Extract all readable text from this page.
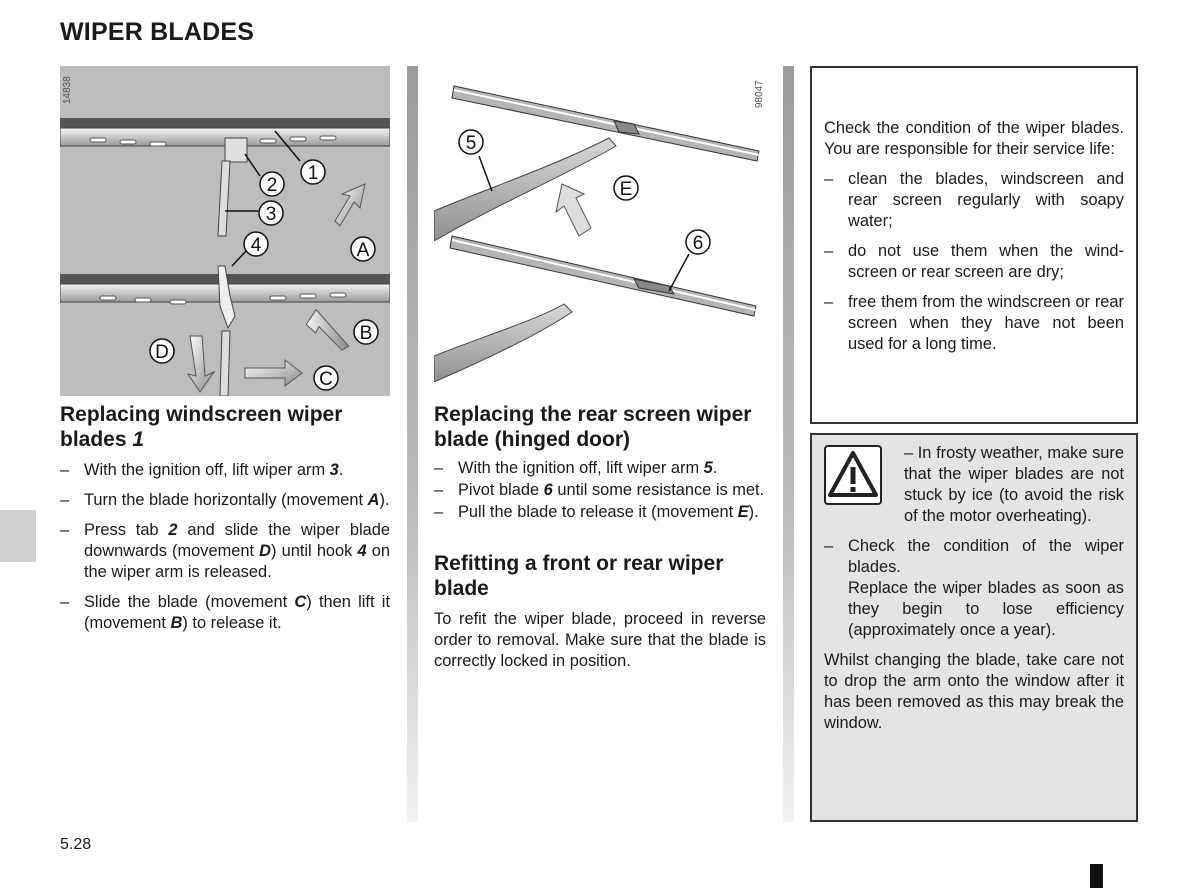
WIPER BLADES
1
2
3
4	A
B
C
D
14838
5
E
6
98047
Replacing windscreen wiper blades 1
– With the ignition off, lift wiper arm 3.
– Turn the blade horizontally (movement A).
– Press tab 2 and slide the wiper blade downwards (movement D) until hook 4 on the wiper arm is released.
– Slide the blade (movement C) then lift it (movement B) to release it.
Replacing the rear screen wiper blade (hinged door)
– With the ignition off, lift wiper arm 5.
– Pivot blade 6 until some resistance is met.
– Pull the blade to release it (movement E).
Refitting a front or rear wiper blade
To refit the wiper blade, proceed in reverse order to removal. Make sure that the blade is correctly locked in position.
Check the condition of the wiper blades. You are responsible for their service life:
– clean the blades, windscreen and rear screen regularly with soapy water;
– do not use them when the windscreen or rear screen are dry;
– free them from the windscreen or rear screen when they have not been used for a long time.
– In frosty weather, make sure that the wiper blades are not stuck by ice (to avoid the risk of the motor overheating).
– Check the condition of the wiper blades.
Replace the wiper blades as soon as they begin to lose efficiency (approximately once a year).
Whilst changing the blade, take care not to drop the arm onto the window after it has been removed as this may break the window.
5.28
